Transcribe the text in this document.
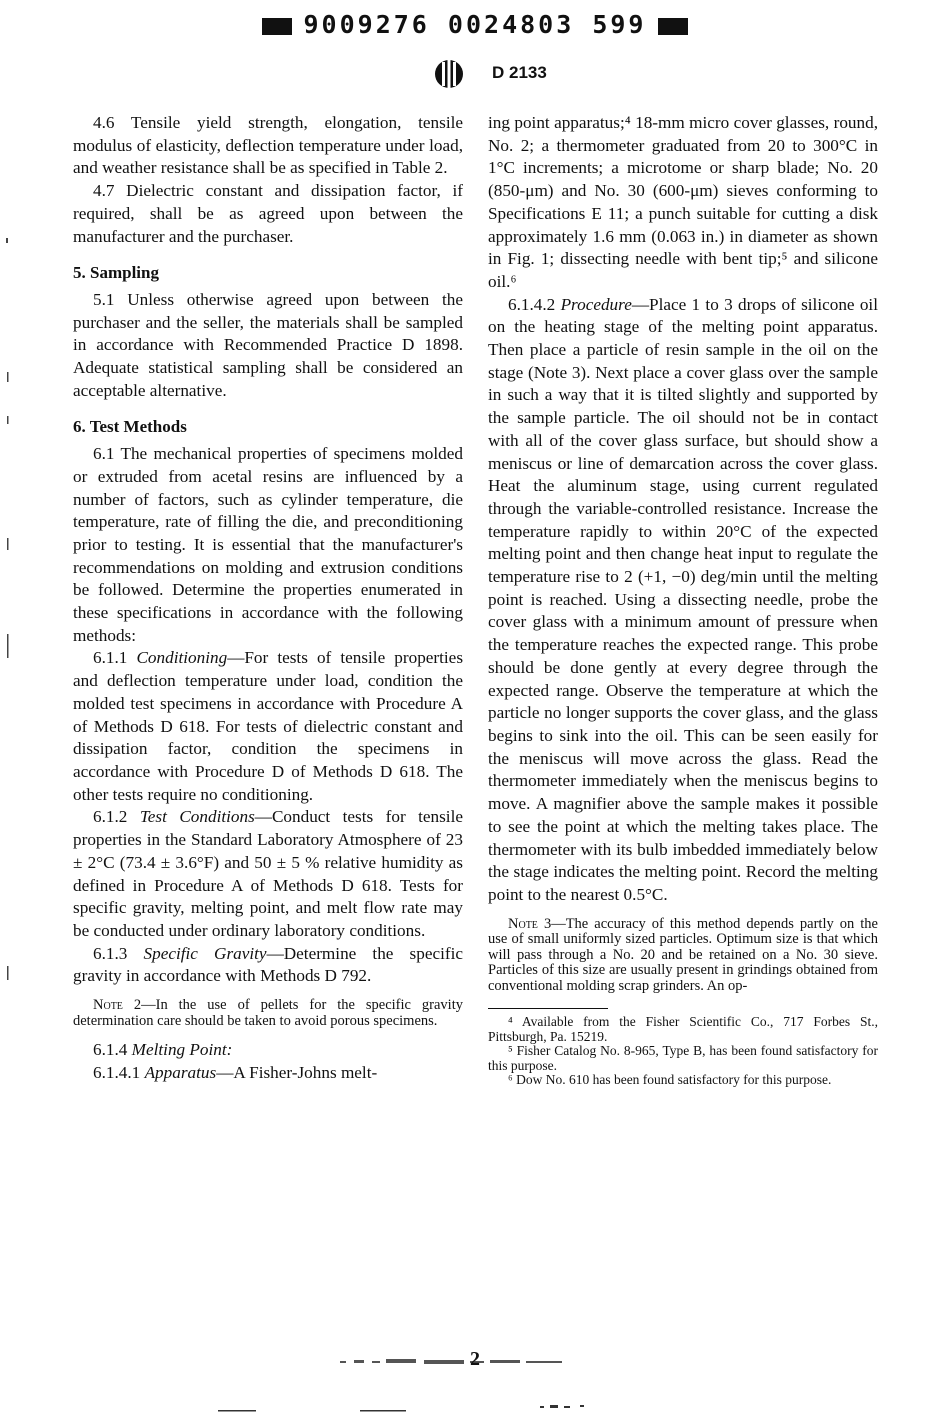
9009276 0024803 599
D 2133

4.6 Tensile yield strength, elongation, tensile modulus of elasticity, deflection temperature under load, and weather resistance shall be as specified in Table 2.

4.7 Dielectric constant and dissipation factor, if required, shall be as agreed upon between the manufacturer and the purchaser.

5. Sampling

5.1 Unless otherwise agreed upon between the purchaser and the seller, the materials shall be sampled in accordance with Recommended Practice D 1898. Adequate statistical sampling shall be considered an acceptable alternative.

6. Test Methods

6.1 The mechanical properties of specimens molded or extruded from acetal resins are influenced by a number of factors, such as cylinder temperature, die temperature, rate of filling the die, and preconditioning prior to testing. It is essential that the manufacturer's recommendations on molding and extrusion conditions be followed. Determine the properties enumerated in these specifications in accordance with the following methods:

6.1.1 Conditioning—For tests of tensile properties and deflection temperature under load, condition the molded test specimens in accordance with Procedure A of Methods D 618. For tests of dielectric constant and dissipation factor, condition the specimens in accordance with Procedure D of Methods D 618. The other tests require no conditioning.

6.1.2 Test Conditions—Conduct tests for tensile properties in the Standard Laboratory Atmosphere of 23 ± 2°C (73.4 ± 3.6°F) and 50 ± 5 % relative humidity as defined in Procedure A of Methods D 618. Tests for specific gravity, melting point, and melt flow rate may be conducted under ordinary laboratory conditions.

6.1.3 Specific Gravity—Determine the specific gravity in accordance with Methods D 792.

Note 2—In the use of pellets for the specific gravity determination care should be taken to avoid porous specimens.

6.1.4 Melting Point:

6.1.4.1 Apparatus—A Fisher-Johns melt-

ing point apparatus;⁴ 18-mm micro cover glasses, round, No. 2; a thermometer graduated from 20 to 300°C in 1°C increments; a microtome or sharp blade; No. 20 (850-μm) and No. 30 (600-μm) sieves conforming to Specifications E 11; a punch suitable for cutting a disk approximately 1.6 mm (0.063 in.) in diameter as shown in Fig. 1; dissecting needle with bent tip;⁵ and silicone oil.⁶

6.1.4.2 Procedure—Place 1 to 3 drops of silicone oil on the heating stage of the melting point apparatus. Then place a particle of resin sample in the oil on the stage (Note 3). Next place a cover glass over the sample in such a way that it is tilted slightly and supported by the sample particle. The oil should not be in contact with all of the cover glass surface, but should show a meniscus or line of demarcation across the cover glass. Heat the aluminum stage, using current regulated through the variable-controlled resistance. Increase the temperature rapidly to within 20°C of the expected melting point and then change heat input to regulate the temperature rise to 2 (+1, −0) deg/min until the melting point is reached. Using a dissecting needle, probe the cover glass with a minimum amount of pressure when the temperature reaches the expected range. This probe should be done gently at every degree through the expected range. Observe the temperature at which the particle no longer supports the cover glass, and the glass begins to sink into the oil. This can be seen easily for the meniscus will move across the glass. Read the thermometer immediately when the meniscus begins to move. A magnifier above the sample makes it possible to see the point at which the melting takes place. The thermometer with its bulb imbedded immediately below the stage indicates the melting point. Record the melting point to the nearest 0.5°C.

Note 3—The accuracy of this method depends partly on the use of small uniformly sized particles. Optimum size is that which will pass through a No. 20 and be retained on a No. 30 sieve. Particles of this size are usually present in grindings obtained from conventional molding scrap grinders. An op-

⁴ Available from the Fisher Scientific Co., 717 Forbes St., Pittsburgh, Pa. 15219.

⁵ Fisher Catalog No. 8-965, Type B, has been found satisfactory for this purpose.

⁶ Dow No. 610 has been found satisfactory for this purpose.

2
